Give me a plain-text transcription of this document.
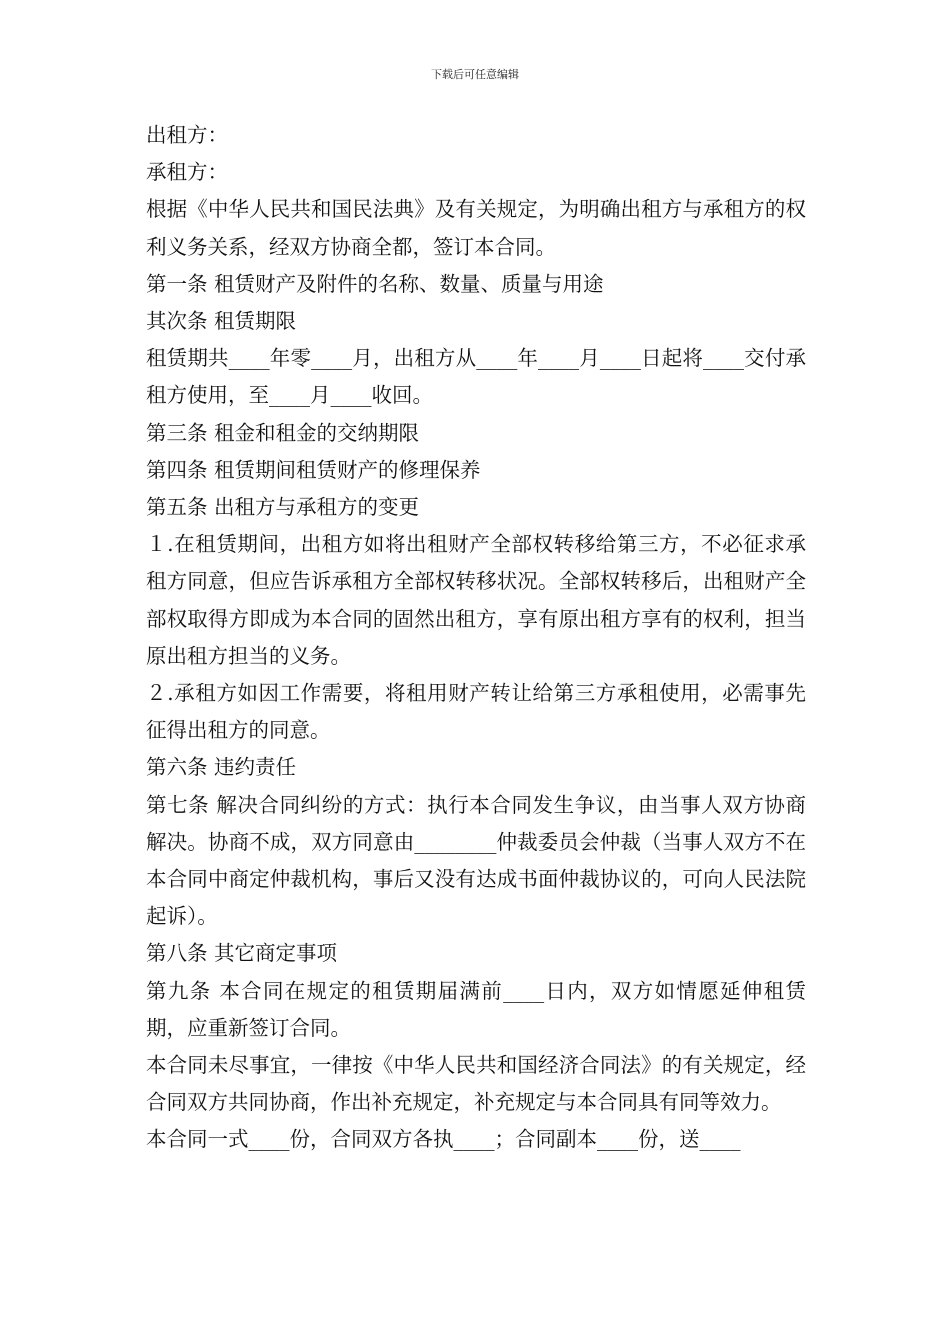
下载后可任意编辑

出租方：

承租方：

根据《中华人民共和国民法典》及有关规定，为明确出租方与承租方的权利义务关系，经双方协商全都，签订本合同。

第一条 租赁财产及附件的名称、数量、质量与用途

其次条 租赁期限

租赁期共____年零____月，出租方从____年____月____日起将____交付承租方使用，至____月____收回。

第三条 租金和租金的交纳期限

第四条 租赁期间租赁财产的修理保养

第五条 出租方与承租方的变更

１.在租赁期间，出租方如将出租财产全部权转移给第三方，不必征求承租方同意，但应告诉承租方全部权转移状况。全部权转移后，出租财产全部权取得方即成为本合同的固然出租方，享有原出租方享有的权利，担当原出租方担当的义务。

２.承租方如因工作需要，将租用财产转让给第三方承租使用，必需事先征得出租方的同意。

第六条 违约责任

第七条 解决合同纠纷的方式：执行本合同发生争议，由当事人双方协商解决。协商不成，双方同意由________仲裁委员会仲裁（当事人双方不在本合同中商定仲裁机构，事后又没有达成书面仲裁协议的，可向人民法院起诉）。

第八条 其它商定事项

第九条 本合同在规定的租赁期届满前____日内，双方如情愿延伸租赁期，应重新签订合同。

本合同未尽事宜，一律按《中华人民共和国经济合同法》的有关规定，经合同双方共同协商，作出补充规定，补充规定与本合同具有同等效力。

本合同一式____份，合同双方各执____；合同副本____份，送____
